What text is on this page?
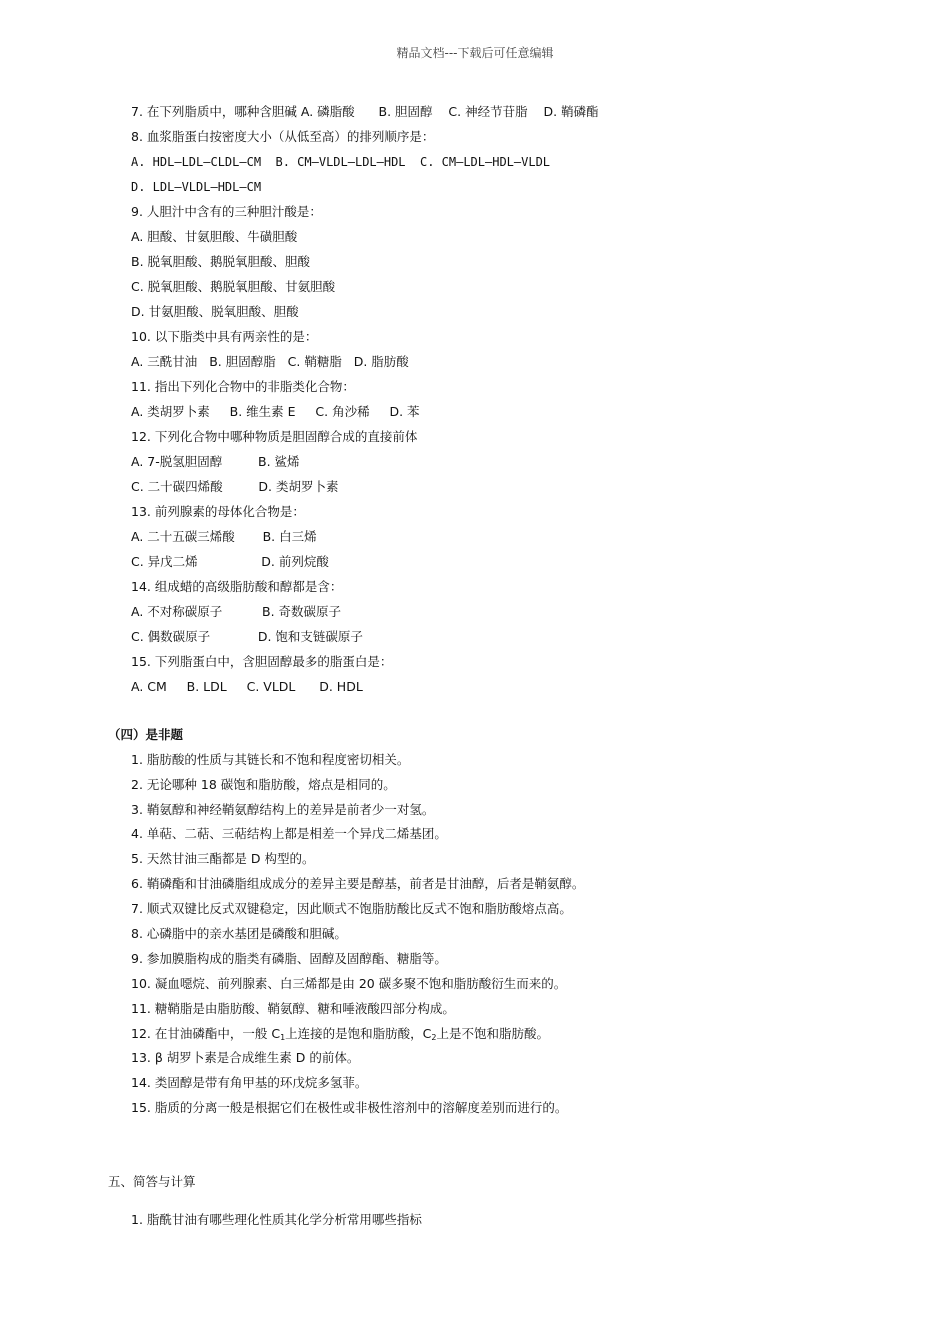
精品文档---下载后可任意编辑
7. 在下列脂质中，哪种含胆碱 A. 磷脂酸      B. 胆固醇    C. 神经节苷脂    D. 鞘磷酯
8. 血浆脂蛋白按密度大小（从低至高）的排列顺序是：
A. HDL—LDL—CLDL—CM  B. CM—VLDL—LDL—HDL  C. CM—LDL—HDL—VLDL
D. LDL—VLDL—HDL—CM
9. 人胆汁中含有的三种胆汁酸是：
A. 胆酸、甘氨胆酸、牛磺胆酸
B. 脱氧胆酸、鹅脱氧胆酸、胆酸
C. 脱氧胆酸、鹅脱氧胆酸、甘氨胆酸
D. 甘氨胆酸、脱氧胆酸、胆酸
10. 以下脂类中具有两亲性的是：
A. 三酰甘油   B. 胆固醇脂   C. 鞘糖脂   D. 脂肪酸
11. 指出下列化合物中的非脂类化合物：
A. 类胡罗卜素     B. 维生素 E     C. 角沙稀     D. 苯
12. 下列化合物中哪种物质是胆固醇合成的直接前体
A. 7-脱氢胆固醇         B. 鲨烯
C. 二十碳四烯酸         D. 类胡罗卜素
13. 前列腺素的母体化合物是：
A. 二十五碳三烯酸       B. 白三烯
C. 异戊二烯                D. 前列烷酸
14. 组成蜡的高级脂肪酸和醇都是含：
A. 不对称碳原子          B. 奇数碳原子
C. 偶数碳原子            D. 饱和支链碳原子
15. 下列脂蛋白中，含胆固醇最多的脂蛋白是：
A. CM     B. LDL     C. VLDL      D. HDL
（四）是非题
1. 脂肪酸的性质与其链长和不饱和程度密切相关。
2. 无论哪种 18 碳饱和脂肪酸，熔点是相同的。
3. 鞘氨醇和神经鞘氨醇结构上的差异是前者少一对氢。
4. 单萜、二萜、三萜结构上都是相差一个异戊二烯基团。
5. 天然甘油三酯都是 D 构型的。
6. 鞘磷酯和甘油磷脂组成成分的差异主要是醇基，前者是甘油醇，后者是鞘氨醇。
7. 顺式双键比反式双键稳定，因此顺式不饱脂肪酸比反式不饱和脂肪酸熔点高。
8. 心磷脂中的亲水基团是磷酸和胆碱。
9. 参加膜脂构成的脂类有磷脂、固醇及固醇酯、糖脂等。
10. 凝血噁烷、前列腺素、白三烯都是由 20 碳多聚不饱和脂肪酸衍生而来的。
11. 糖鞘脂是由脂肪酸、鞘氨醇、糖和唾液酸四部分构成。
12. 在甘油磷酯中，一般 $C_1$上连接的是饱和脂肪酸，$C_2$上是不饱和脂肪酸。
13. β 胡罗卜素是合成维生素 D 的前体。
14. 类固醇是带有角甲基的环戊烷多氢菲。
15. 脂质的分离一般是根据它们在极性或非极性溶剂中的溶解度差别而进行的。
五、简答与计算
1. 脂酰甘油有哪些理化性质其化学分析常用哪些指标
